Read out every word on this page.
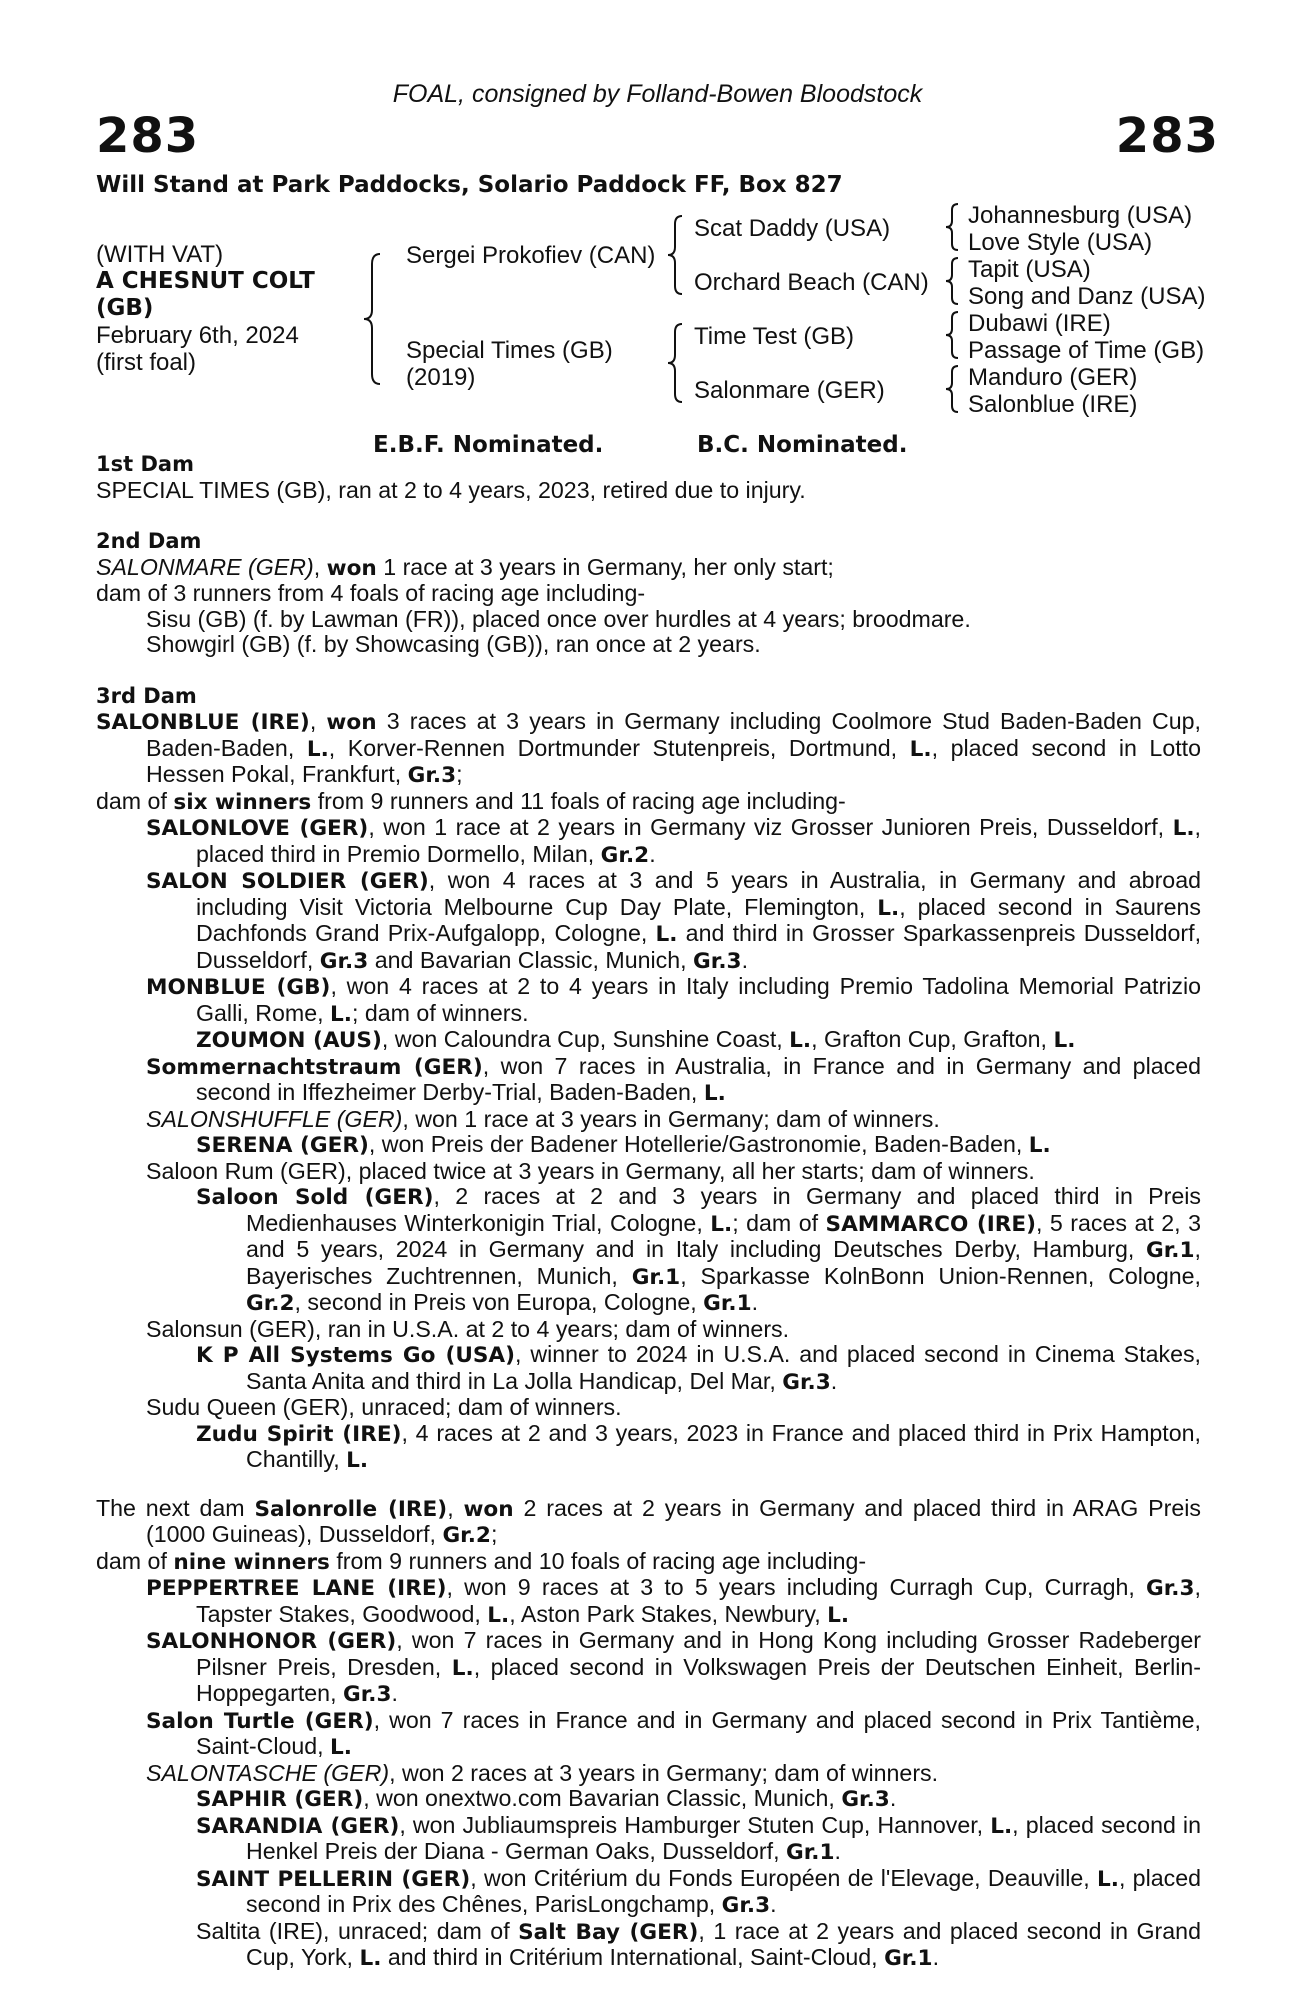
FOAL, consigned by Folland-Bowen Bloodstock
283	283
Will Stand at Park Paddocks, Solario Paddock FF, Box 827
(WITH VAT)
A CHESNUT COLT
(GB)
February 6th, 2024
(first foal)
Sergei Prokofiev (CAN)
Special Times (GB)
(2019)
Scat Daddy (USA)
Orchard Beach (CAN)
Time Test (GB)
Salonmare (GER)
Johannesburg (USA)
Love Style (USA)
Tapit (USA)
Song and Danz (USA)
Dubawi (IRE)
Passage of Time (GB)
Manduro (GER)
Salonblue (IRE)
E.B.F. Nominated.	B.C. Nominated.
1st Dam
SPECIAL TIMES (GB), ran at 2 to 4 years, 2023, retired due to injury.
2nd Dam
SALONMARE (GER), won 1 race at 3 years in Germany, her only start;
dam of 3 runners from 4 foals of racing age including-
Sisu (GB) (f. by Lawman (FR)), placed once over hurdles at 4 years; broodmare.
Showgirl (GB) (f. by Showcasing (GB)), ran once at 2 years.
3rd Dam
SALONBLUE (IRE), won 3 races at 3 years in Germany including Coolmore Stud Baden-Baden Cup, Baden-Baden, L., Korver-Rennen Dortmunder Stutenpreis, Dortmund, L., placed second in Lotto Hessen Pokal, Frankfurt, Gr.3;
dam of six winners from 9 runners and 11 foals of racing age including-
SALONLOVE (GER), won 1 race at 2 years in Germany viz Grosser Junioren Preis, Dusseldorf, L., placed third in Premio Dormello, Milan, Gr.2.
SALON SOLDIER (GER), won 4 races at 3 and 5 years in Australia, in Germany and abroad including Visit Victoria Melbourne Cup Day Plate, Flemington, L., placed second in Saurens Dachfonds Grand Prix-Aufgalopp, Cologne, L. and third in Grosser Sparkassenpreis Dusseldorf, Dusseldorf, Gr.3 and Bavarian Classic, Munich, Gr.3.
MONBLUE (GB), won 4 races at 2 to 4 years in Italy including Premio Tadolina Memorial Patrizio Galli, Rome, L.; dam of winners.
ZOUMON (AUS), won Caloundra Cup, Sunshine Coast, L., Grafton Cup, Grafton, L.
Sommernachtstraum (GER), won 7 races in Australia, in France and in Germany and placed second in Iffezheimer Derby-Trial, Baden-Baden, L.
SALONSHUFFLE (GER), won 1 race at 3 years in Germany; dam of winners.
SERENA (GER), won Preis der Badener Hotellerie/Gastronomie, Baden-Baden, L.
Saloon Rum (GER), placed twice at 3 years in Germany, all her starts; dam of winners.
Saloon Sold (GER), 2 races at 2 and 3 years in Germany and placed third in Preis Medienhauses Winterkonigin Trial, Cologne, L.; dam of SAMMARCO (IRE), 5 races at 2, 3 and 5 years, 2024 in Germany and in Italy including Deutsches Derby, Hamburg, Gr.1, Bayerisches Zuchtrennen, Munich, Gr.1, Sparkasse KolnBonn Union-Rennen, Cologne, Gr.2, second in Preis von Europa, Cologne, Gr.1.
Salonsun (GER), ran in U.S.A. at 2 to 4 years; dam of winners.
K P All Systems Go (USA), winner to 2024 in U.S.A. and placed second in Cinema Stakes, Santa Anita and third in La Jolla Handicap, Del Mar, Gr.3.
Sudu Queen (GER), unraced; dam of winners.
Zudu Spirit (IRE), 4 races at 2 and 3 years, 2023 in France and placed third in Prix Hampton, Chantilly, L.
The next dam Salonrolle (IRE), won 2 races at 2 years in Germany and placed third in ARAG Preis (1000 Guineas), Dusseldorf, Gr.2;
dam of nine winners from 9 runners and 10 foals of racing age including-
PEPPERTREE LANE (IRE), won 9 races at 3 to 5 years including Curragh Cup, Curragh, Gr.3, Tapster Stakes, Goodwood, L., Aston Park Stakes, Newbury, L.
SALONHONOR (GER), won 7 races in Germany and in Hong Kong including Grosser Radeberger Pilsner Preis, Dresden, L., placed second in Volkswagen Preis der Deutschen Einheit, Berlin-Hoppegarten, Gr.3.
Salon Turtle (GER), won 7 races in France and in Germany and placed second in Prix Tantième, Saint-Cloud, L.
SALONTASCHE (GER), won 2 races at 3 years in Germany; dam of winners.
SAPHIR (GER), won onextwo.com Bavarian Classic, Munich, Gr.3.
SARANDIA (GER), won Jubliaumspreis Hamburger Stuten Cup, Hannover, L., placed second in Henkel Preis der Diana - German Oaks, Dusseldorf, Gr.1.
SAINT PELLERIN (GER), won Critérium du Fonds Européen de l'Elevage, Deauville, L., placed second in Prix des Chênes, ParisLongchamp, Gr.3.
Saltita (IRE), unraced; dam of Salt Bay (GER), 1 race at 2 years and placed second in Grand Cup, York, L. and third in Critérium International, Saint-Cloud, Gr.1.
